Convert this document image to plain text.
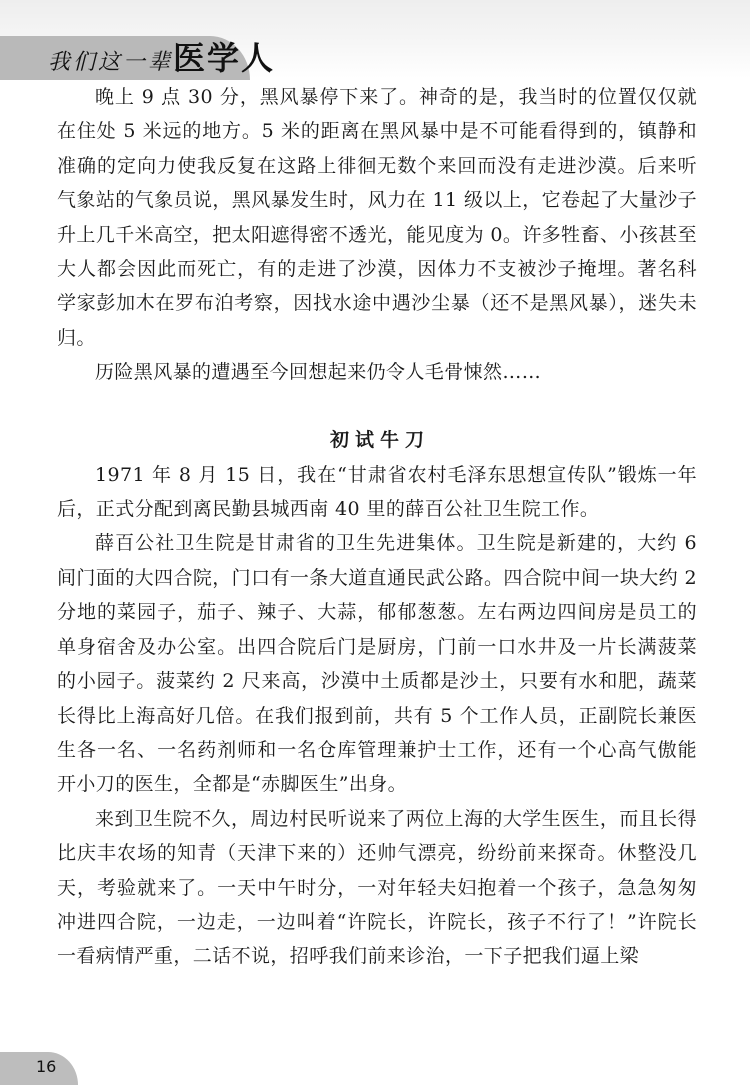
我们这一辈医学人

晚上 9 点 30 分，黑风暴停下来了。神奇的是，我当时的位置仅仅就在住处 5 米远的地方。5 米的距离在黑风暴中是不可能看得到的，镇静和准确的定向力使我反复在这路上徘徊无数个来回而没有走进沙漠。后来听气象站的气象员说，黑风暴发生时，风力在 11 级以上，它卷起了大量沙子升上几千米高空，把太阳遮得密不透光，能见度为 0。许多牲畜、小孩甚至大人都会因此而死亡，有的走进了沙漠，因体力不支被沙子掩埋。著名科学家彭加木在罗布泊考察，因找水途中遇沙尘暴（还不是黑风暴），迷失未归。

历险黑风暴的遭遇至今回想起来仍令人毛骨悚然……

初试牛刀

1971 年 8 月 15 日，我在“甘肃省农村毛泽东思想宣传队”锻炼一年后，正式分配到离民勤县城西南 40 里的薛百公社卫生院工作。

薛百公社卫生院是甘肃省的卫生先进集体。卫生院是新建的，大约 6 间门面的大四合院，门口有一条大道直通民武公路。四合院中间一块大约 2 分地的菜园子，茄子、辣子、大蒜，郁郁葱葱。左右两边四间房是员工的单身宿舍及办公室。出四合院后门是厨房，门前一口水井及一片长满菠菜的小园子。菠菜约 2 尺来高，沙漠中土质都是沙土，只要有水和肥，蔬菜长得比上海高好几倍。在我们报到前，共有 5 个工作人员，正副院长兼医生各一名、一名药剂师和一名仓库管理兼护士工作，还有一个心高气傲能开小刀的医生，全都是“赤脚医生”出身。

来到卫生院不久，周边村民听说来了两位上海的大学生医生，而且长得比庆丰农场的知青（天津下来的）还帅气漂亮，纷纷前来探奇。休整没几天，考验就来了。一天中午时分，一对年轻夫妇抱着一个孩子，急急匆匆冲进四合院，一边走，一边叫着“许院长，许院长，孩子不行了！”许院长一看病情严重，二话不说，招呼我们前来诊治，一下子把我们逼上梁

16
